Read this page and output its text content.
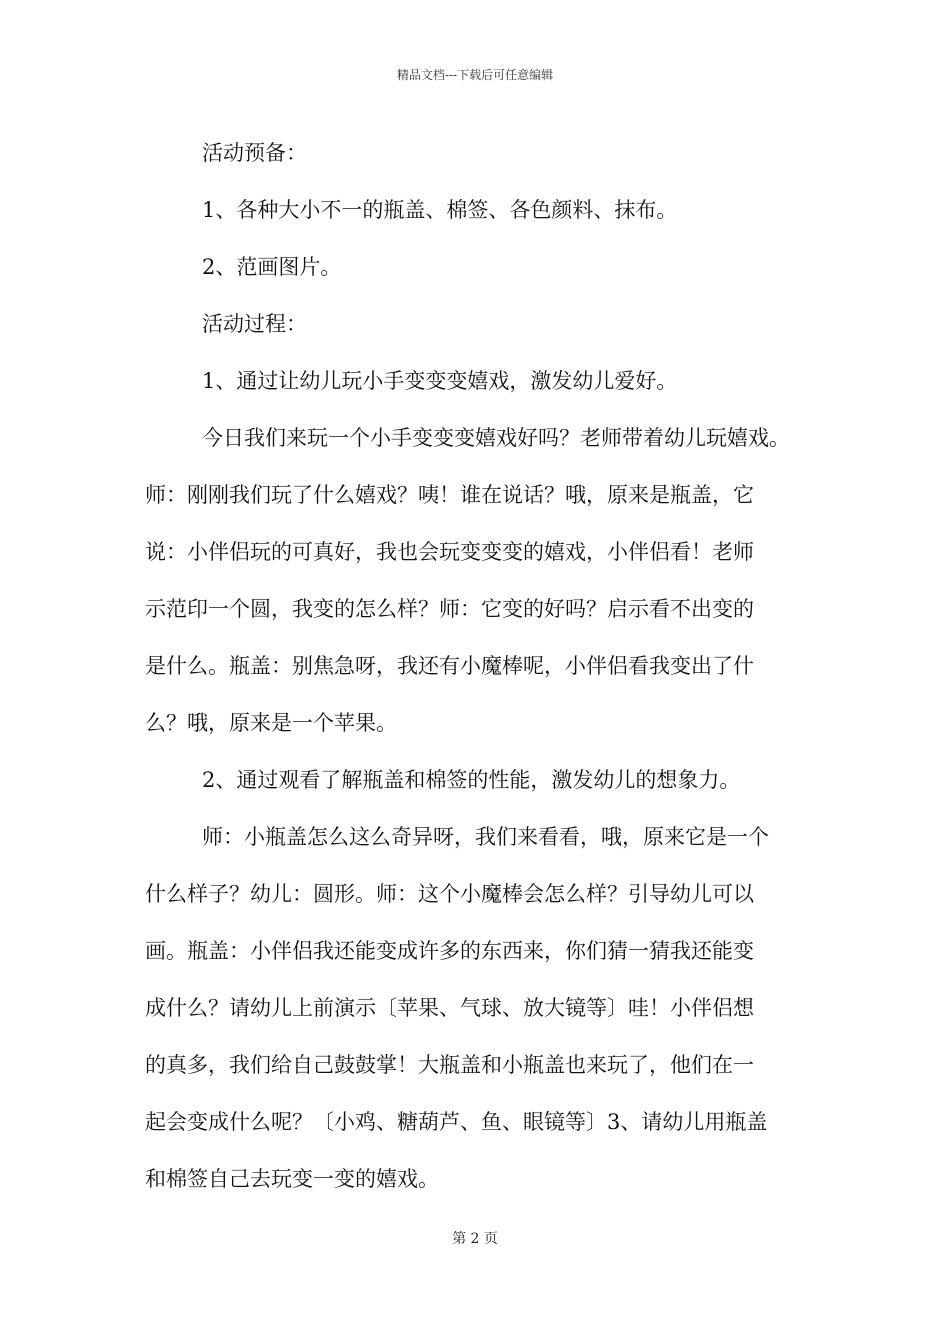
精品文档---下载后可任意编辑
活动预备：
1、各种大小不一的瓶盖、棉签、各色颜料、抹布。
2、范画图片。
活动过程：
1、通过让幼儿玩小手变变变嬉戏，激发幼儿爱好。
今日我们来玩一个小手变变变嬉戏好吗？老师带着幼儿玩嬉戏。
师：刚刚我们玩了什么嬉戏？咦！谁在说话？哦，原来是瓶盖，它
说：小伴侣玩的可真好，我也会玩变变变的嬉戏，小伴侣看！老师
示范印一个圆，我变的怎么样？师：它变的好吗？启示看不出变的
是什么。瓶盖：别焦急呀，我还有小魔棒呢，小伴侣看我变出了什
么？哦，原来是一个苹果。
2、通过观看了解瓶盖和棉签的性能，激发幼儿的想象力。
师：小瓶盖怎么这么奇异呀，我们来看看，哦，原来它是一个
什么样子？幼儿：圆形。师：这个小魔棒会怎么样？引导幼儿可以
画。瓶盖：小伴侣我还能变成许多的东西来，你们猜一猜我还能变
成什么？请幼儿上前演示〔苹果、气球、放大镜等〕哇！小伴侣想
的真多，我们给自己鼓鼓掌！大瓶盖和小瓶盖也来玩了，他们在一
起会变成什么呢？〔小鸡、糖葫芦、鱼、眼镜等〕3、请幼儿用瓶盖
和棉签自己去玩变一变的嬉戏。
第 2 页
